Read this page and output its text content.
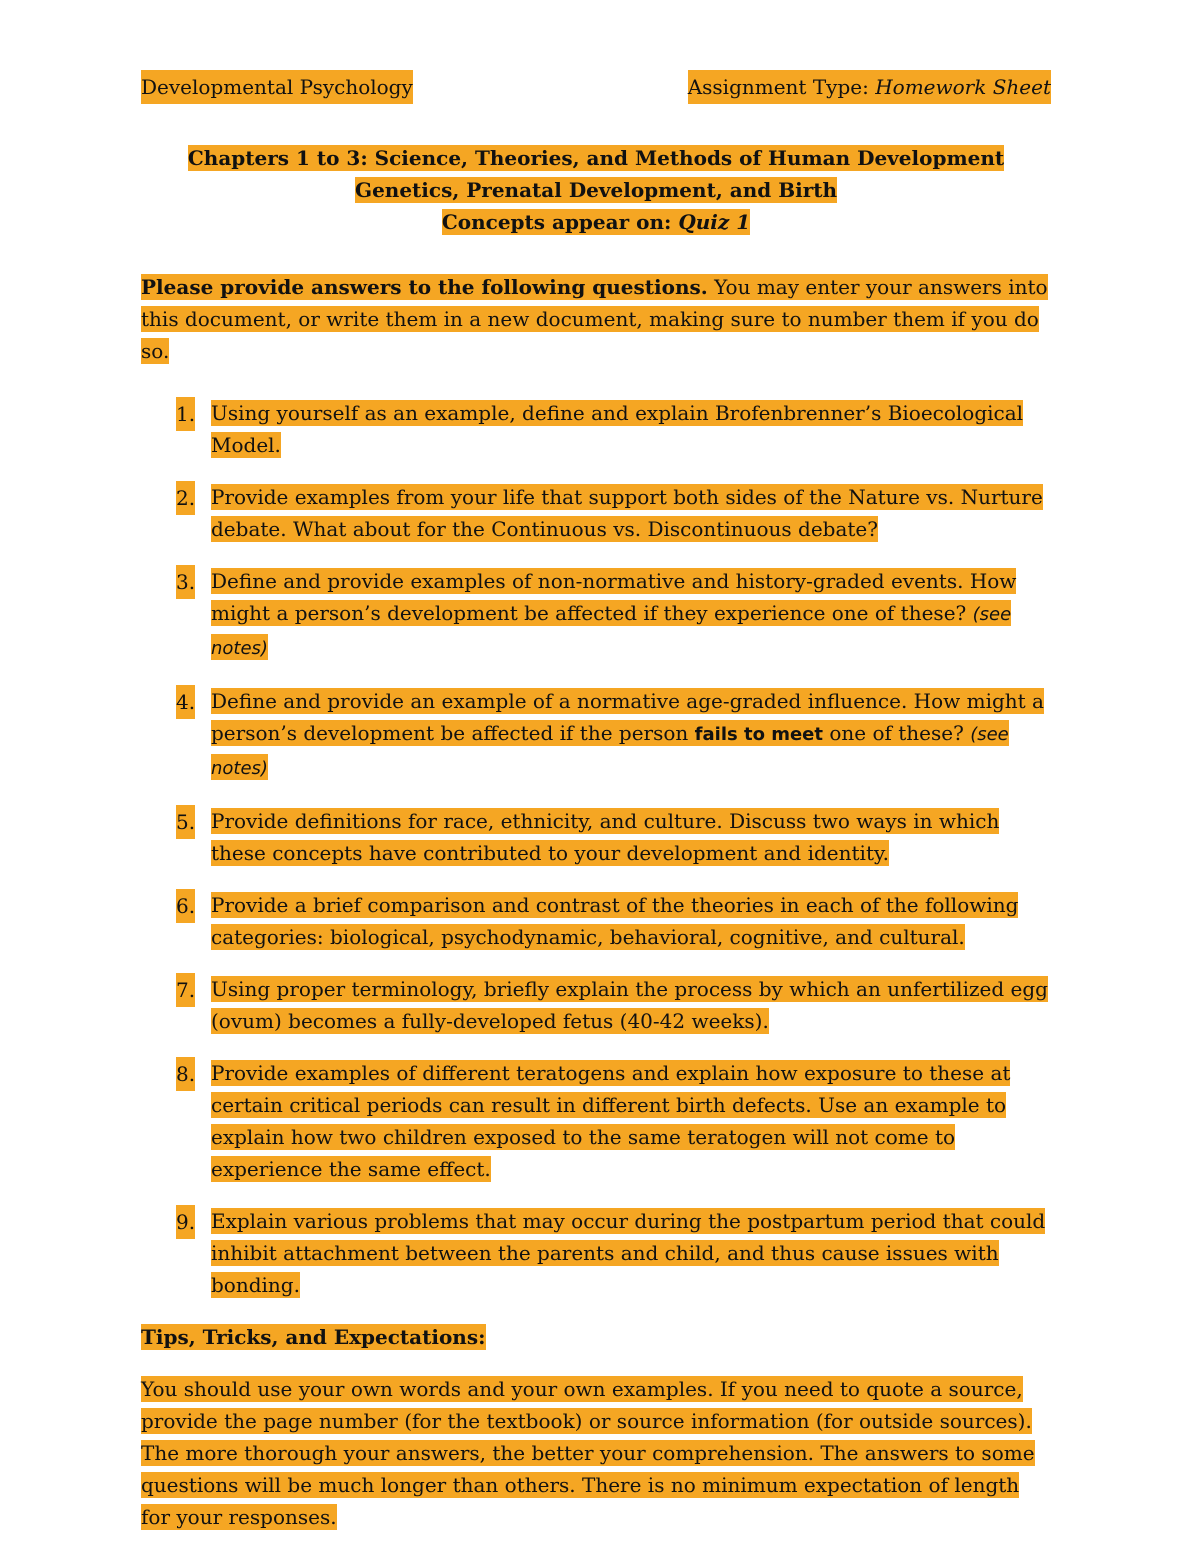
Developmental Psychology	Assignment Type: Homework Sheet
Chapters 1 to 3: Science, Theories, and Methods of Human Development
Genetics, Prenatal Development, and Birth
Concepts appear on: Quiz 1
Please provide answers to the following questions. You may enter your answers into this document, or write them in a new document, making sure to number them if you do so.
1. Using yourself as an example, define and explain Brofenbrenner’s Bioecological Model.
2. Provide examples from your life that support both sides of the Nature vs. Nurture debate. What about for the Continuous vs. Discontinuous debate?
3. Define and provide examples of non-normative and history-graded events. How might a person’s development be affected if they experience one of these? (see notes)
4. Define and provide an example of a normative age-graded influence. How might a person’s development be affected if the person fails to meet one of these? (see notes)
5. Provide definitions for race, ethnicity, and culture. Discuss two ways in which these concepts have contributed to your development and identity.
6. Provide a brief comparison and contrast of the theories in each of the following categories: biological, psychodynamic, behavioral, cognitive, and cultural.
7. Using proper terminology, briefly explain the process by which an unfertilized egg (ovum) becomes a fully-developed fetus (40-42 weeks).
8. Provide examples of different teratogens and explain how exposure to these at certain critical periods can result in different birth defects. Use an example to explain how two children exposed to the same teratogen will not come to experience the same effect.
9. Explain various problems that may occur during the postpartum period that could inhibit attachment between the parents and child, and thus cause issues with bonding.
Tips, Tricks, and Expectations:
You should use your own words and your own examples. If you need to quote a source, provide the page number (for the textbook) or source information (for outside sources). The more thorough your answers, the better your comprehension. The answers to some questions will be much longer than others. There is no minimum expectation of length for your responses.
